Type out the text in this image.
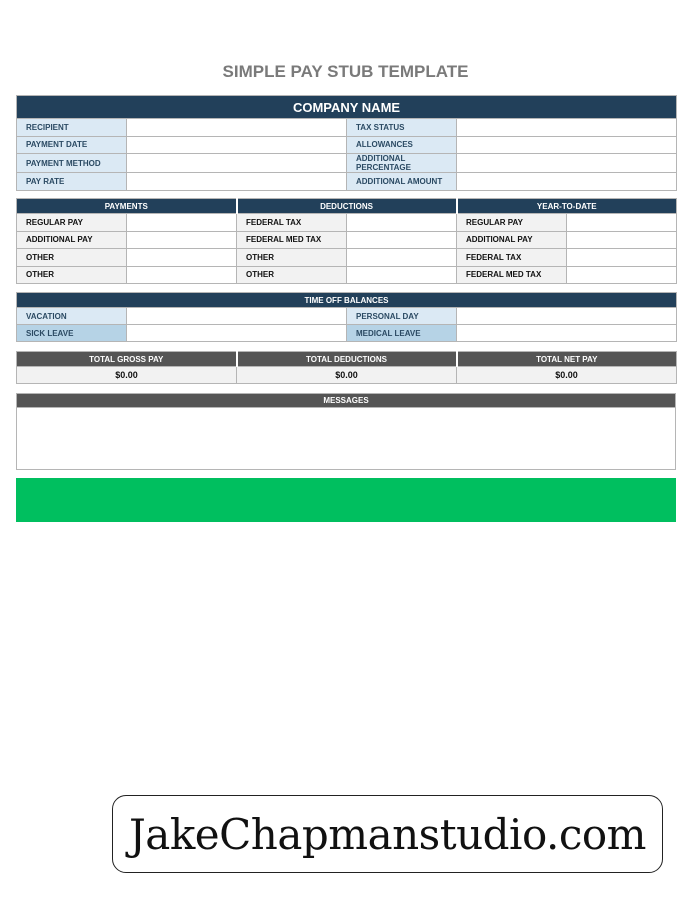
SIMPLE PAY STUB TEMPLATE
COMPANY NAME			
RECIPIENT		TAX STATUS	
PAYMENT DATE		ALLOWANCES	
PAYMENT METHOD		ADDITIONAL PERCENTAGE	
PAY RATE		ADDITIONAL AMOUNT	
PAYMENTS		DEDUCTIONS		YEAR-TO-DATE	
REGULAR PAY		FEDERAL TAX		REGULAR PAY	
ADDITIONAL PAY		FEDERAL MED TAX		ADDITIONAL PAY	
OTHER		OTHER		FEDERAL TAX	
OTHER		OTHER		FEDERAL MED TAX	
TIME OFF BALANCES			
VACATION		PERSONAL DAY	
SICK LEAVE		MEDICAL LEAVE	
TOTAL GROSS PAY	TOTAL DEDUCTIONS	TOTAL NET PAY
$0.00	$0.00	$0.00
MESSAGES
JakeChapmanstudio.com
